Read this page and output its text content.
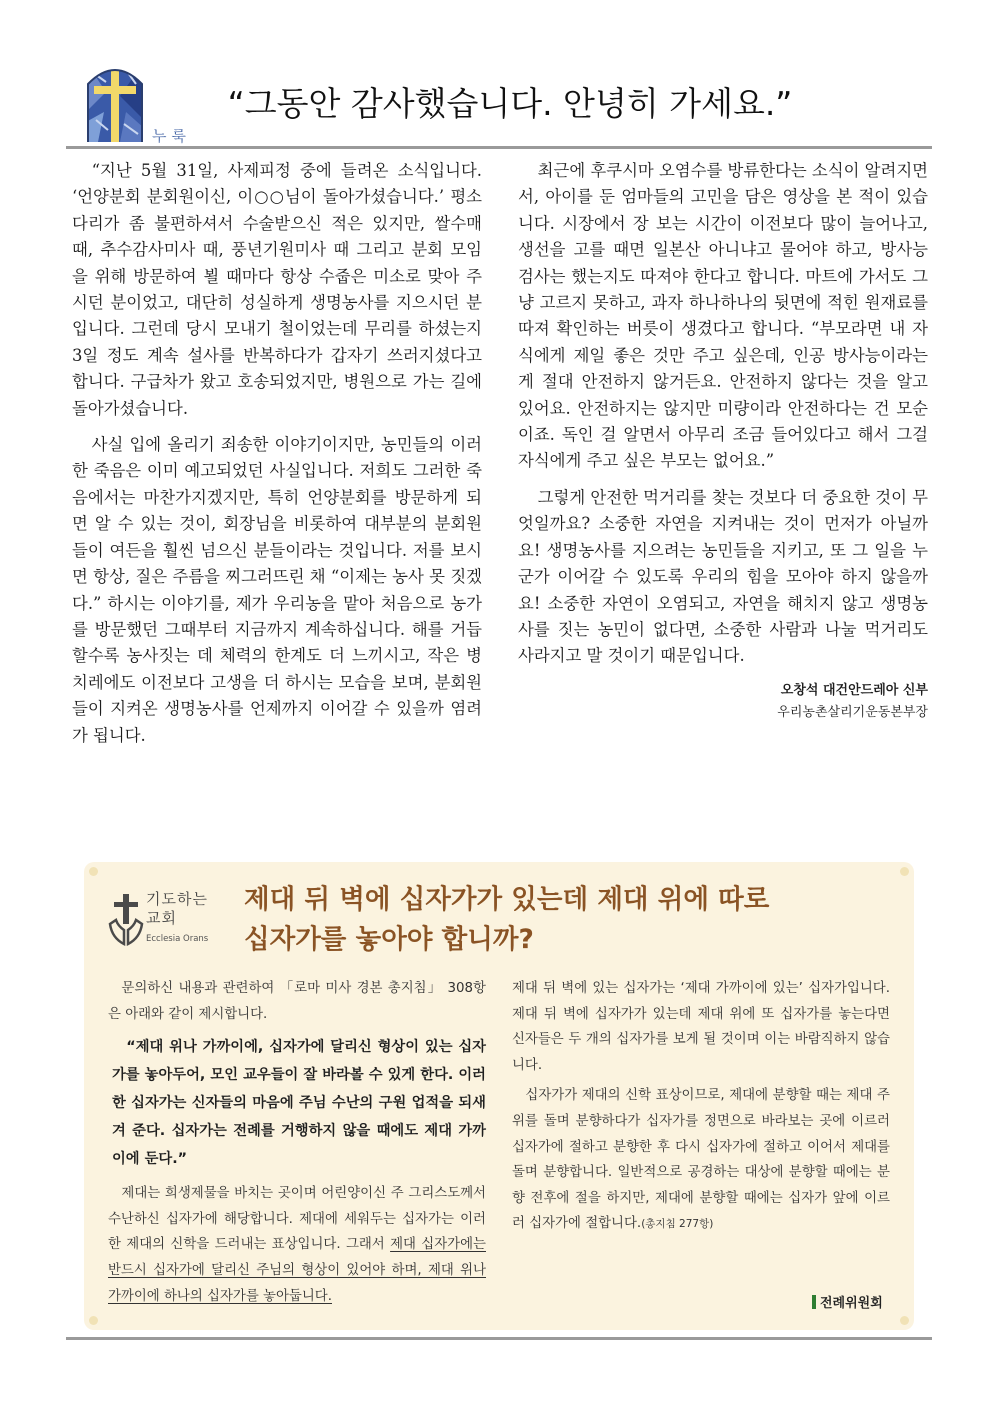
누룩
“그동안 감사했습니다. 안녕히 가세요.”

“지난 5월 31일, 사제피정 중에 들려온 소식입니다. ‘언양분회 분회원이신, 이○○님이 돌아가셨습니다.’ 평소 다리가 좀 불편하셔서 수술받으신 적은 있지만, 쌀수매 때, 추수감사미사 때, 풍년기원미사 때 그리고 분회 모임을 위해 방문하여 뵐 때마다 항상 수줍은 미소로 맞아 주시던 분이었고, 대단히 성실하게 생명농사를 지으시던 분입니다. 그런데 당시 모내기 철이었는데 무리를 하셨는지 3일 정도 계속 설사를 반복하다가 갑자기 쓰러지셨다고 합니다. 구급차가 왔고 호송되었지만, 병원으로 가는 길에 돌아가셨습니다.

사실 입에 올리기 죄송한 이야기이지만, 농민들의 이러한 죽음은 이미 예고되었던 사실입니다. 저희도 그러한 죽음에서는 마찬가지겠지만, 특히 언양분회를 방문하게 되면 알 수 있는 것이, 회장님을 비롯하여 대부분의 분회원들이 여든을 훨씬 넘으신 분들이라는 것입니다. 저를 보시면 항상, 질은 주름을 찌그러뜨린 채 “이제는 농사 못 짓겠다.” 하시는 이야기를, 제가 우리농을 맡아 처음으로 농가를 방문했던 그때부터 지금까지 계속하십니다. 해를 거듭할수록 농사짓는 데 체력의 한계도 더 느끼시고, 작은 병치레에도 이전보다 고생을 더 하시는 모습을 보며, 분회원들이 지켜온 생명농사를 언제까지 이어갈 수 있을까 염려가 됩니다.

최근에 후쿠시마 오염수를 방류한다는 소식이 알려지면서, 아이를 둔 엄마들의 고민을 담은 영상을 본 적이 있습니다. 시장에서 장 보는 시간이 이전보다 많이 늘어나고, 생선을 고를 때면 일본산 아니냐고 물어야 하고, 방사능 검사는 했는지도 따져야 한다고 합니다. 마트에 가서도 그냥 고르지 못하고, 과자 하나하나의 뒷면에 적힌 원재료를 따져 확인하는 버릇이 생겼다고 합니다. “부모라면 내 자식에게 제일 좋은 것만 주고 싶은데, 인공 방사능이라는 게 절대 안전하지 않거든요. 안전하지 않다는 것을 알고 있어요. 안전하지는 않지만 미량이라 안전하다는 건 모순이죠. 독인 걸 알면서 아무리 조금 들어있다고 해서 그걸 자식에게 주고 싶은 부모는 없어요.”

그렇게 안전한 먹거리를 찾는 것보다 더 중요한 것이 무엇일까요? 소중한 자연을 지켜내는 것이 먼저가 아닐까요! 생명농사를 지으려는 농민들을 지키고, 또 그 일을 누군가 이어갈 수 있도록 우리의 힘을 모아야 하지 않을까요! 소중한 자연이 오염되고, 자연을 해치지 않고 생명농사를 짓는 농민이 없다면, 소중한 사람과 나눌 먹거리도 사라지고 말 것이기 때문입니다.

오창석 대건안드레아 신부
우리농촌살리기운동본부장
기도하는 교회
Ecclesia Orans
제대 뒤 벽에 십자가가 있는데 제대 위에 따로
십자가를 놓아야 합니까?

문의하신 내용과 관련하여 「로마 미사 경본 총지침」 308항은 아래와 같이 제시합니다.

“제대 위나 가까이에, 십자가에 달리신 형상이 있는 십자가를 놓아두어, 모인 교우들이 잘 바라볼 수 있게 한다. 이러한 십자가는 신자들의 마음에 주님 수난의 구원 업적을 되새겨 준다. 십자가는 전례를 거행하지 않을 때에도 제대 가까이에 둔다.”

제대는 희생제물을 바치는 곳이며 어린양이신 주 그리스도께서 수난하신 십자가에 해당합니다. 제대에 세워두는 십자가는 이러한 제대의 신학을 드러내는 표상입니다. 그래서 제대 십자가에는 반드시 십자가에 달리신 주님의 형상이 있어야 하며, 제대 위나 가까이에 하나의 십자가를 놓아둡니다.

제대 뒤 벽에 있는 십자가는 ‘제대 가까이에 있는’ 십자가입니다. 제대 뒤 벽에 십자가가 있는데 제대 위에 또 십자가를 놓는다면 신자들은 두 개의 십자가를 보게 될 것이며 이는 바람직하지 않습니다.

십자가가 제대의 신학 표상이므로, 제대에 분향할 때는 제대 주위를 돌며 분향하다가 십자가를 정면으로 바라보는 곳에 이르러 십자가에 절하고 분향한 후 다시 십자가에 절하고 이어서 제대를 돌며 분향합니다. 일반적으로 공경하는 대상에 분향할 때에는 분향 전후에 절을 하지만, 제대에 분향할 때에는 십자가 앞에 이르러 십자가에 절합니다.(총지침 277항)

전례위원회
